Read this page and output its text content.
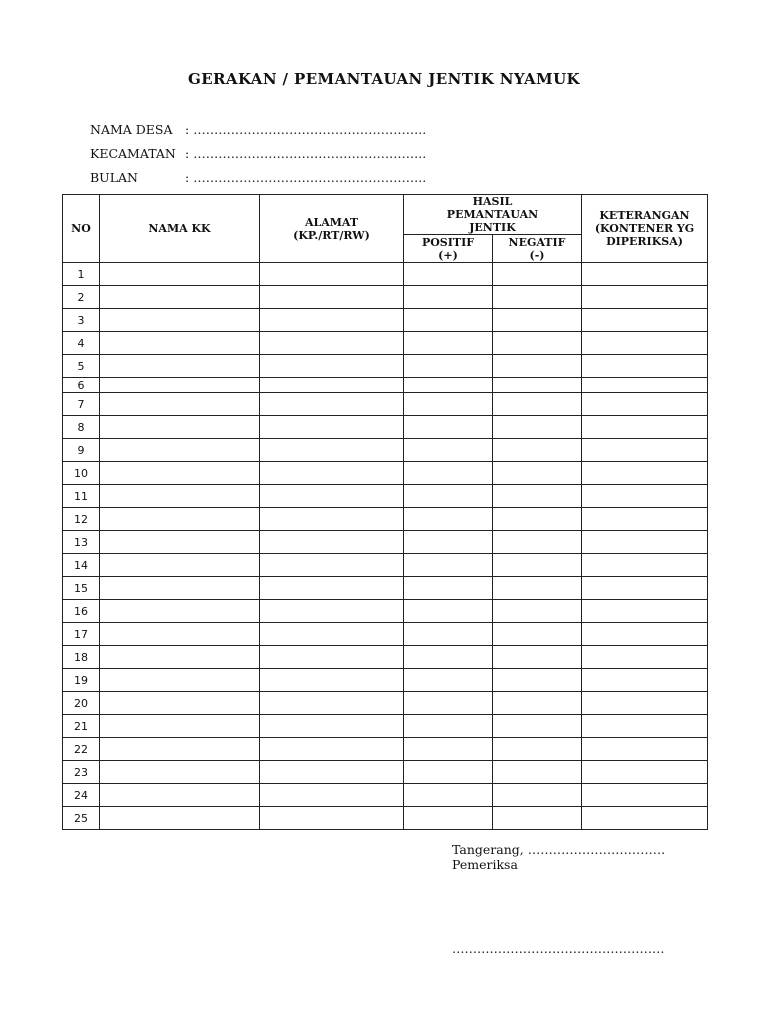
GERAKAN / PEMANTAUAN JENTIK NYAMUK
NAMA DESA : ………………………………………………..
KECAMATAN : ………………………………………………..
BULAN	: ………………………………………………..
NO	NAMA KK	ALAMAT (KP./RT/RW)	HASIL PEMANTAUAN JENTIK		KETERANGAN (KONTENER YG DIPERIKSA)
			POSITIF (+)	NEGATIF (-)	
1					
2					
3					
4					
5					
6					
7					
8					
9					
10					
11					
12					
13					
14					
15					
16					
17					
18					
19					
20					
21					
22					
23					
24					
25					
Tangerang, ……………………………
Pemeriksa
……………………………………………
